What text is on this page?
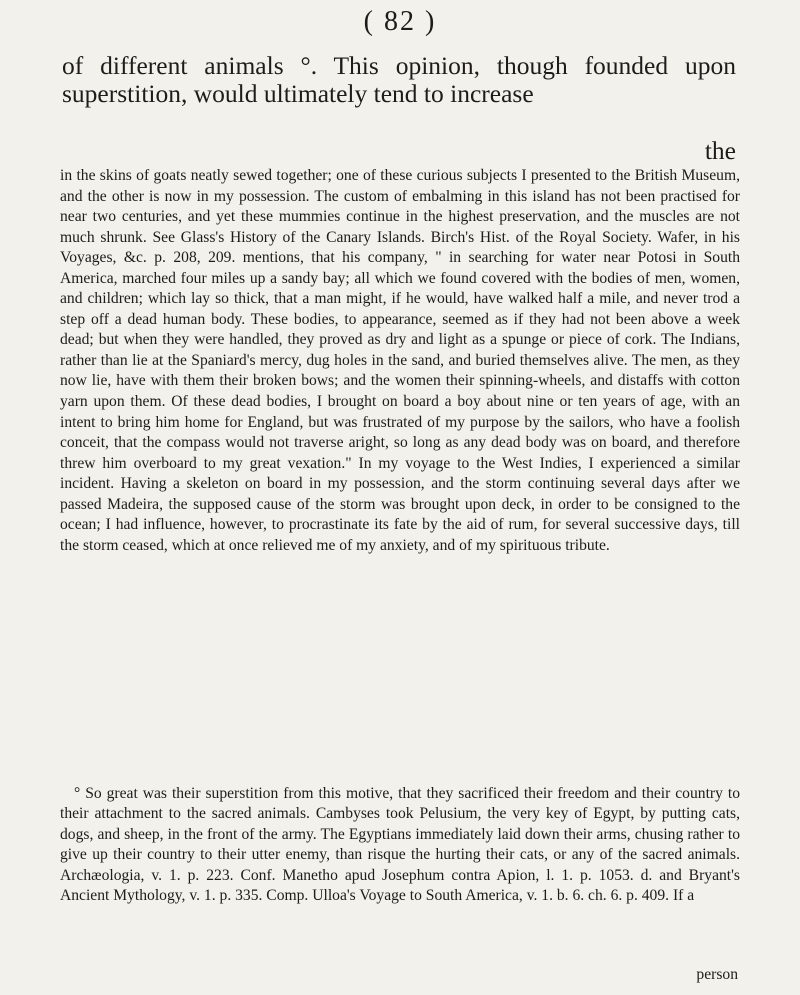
( 82 )

of different animals °. This opinion, though founded upon superstition, would ultimately tend to increase

the

in the skins of goats neatly sewed together; one of these curious subjects I presented to the British Museum, and the other is now in my possession. The custom of embalming in this island has not been practised for near two centuries, and yet these mummies continue in the highest preservation, and the muscles are not much shrunk. See Glass's History of the Canary Islands. Birch's Hist. of the Royal Society. Wafer, in his Voyages, &c. p. 208, 209. mentions, that his company, " in searching for water near Potosi in South America, marched four miles up a sandy bay; all which we found covered with the bodies of men, women, and children; which lay so thick, that a man might, if he would, have walked half a mile, and never trod a step off a dead human body. These bodies, to appearance, seemed as if they had not been above a week dead; but when they were handled, they proved as dry and light as a spunge or piece of cork. The Indians, rather than lie at the Spaniard's mercy, dug holes in the sand, and buried themselves alive. The men, as they now lie, have with them their broken bows; and the women their spinning-wheels, and distaffs with cotton yarn upon them. Of these dead bodies, I brought on board a boy about nine or ten years of age, with an intent to bring him home for England, but was frustrated of my purpose by the sailors, who have a foolish conceit, that the compass would not traverse aright, so long as any dead body was on board, and therefore threw him overboard to my great vexation." In my voyage to the West Indies, I experienced a similar incident. Having a skeleton on board in my possession, and the storm continuing several days after we passed Madeira, the supposed cause of the storm was brought upon deck, in order to be consigned to the ocean; I had influence, however, to procrastinate its fate by the aid of rum, for several successive days, till the storm ceased, which at once relieved me of my anxiety, and of my spirituous tribute.

° So great was their superstition from this motive, that they sacrificed their freedom and their country to their attachment to the sacred animals. Cambyses took Pelusium, the very key of Egypt, by putting cats, dogs, and sheep, in the front of the army. The Egyptians immediately laid down their arms, chusing rather to give up their country to their utter enemy, than risque the hurting their cats, or any of the sacred animals. Archæologia, v. 1. p. 223. Conf. Manetho apud Josephum contra Apion, l. 1. p. 1053. d. and Bryant's Ancient Mythology, v. 1. p. 335. Comp. Ulloa's Voyage to South America, v. 1. b. 6. ch. 6. p. 409. If a

person
